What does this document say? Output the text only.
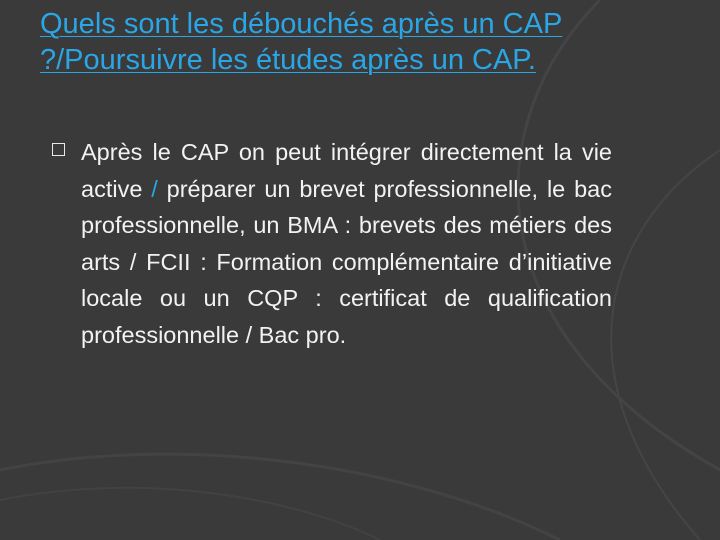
Quels sont les débouchés après un CAP ?/Poursuivre les études après un CAP.

Après le CAP on peut intégrer directement la vie active / préparer un brevet professionnelle, le bac professionnelle, un BMA : brevets des métiers des arts / FCII : Formation complémentaire d’initiative locale ou un CQP : certificat de qualification professionnelle / Bac pro.
